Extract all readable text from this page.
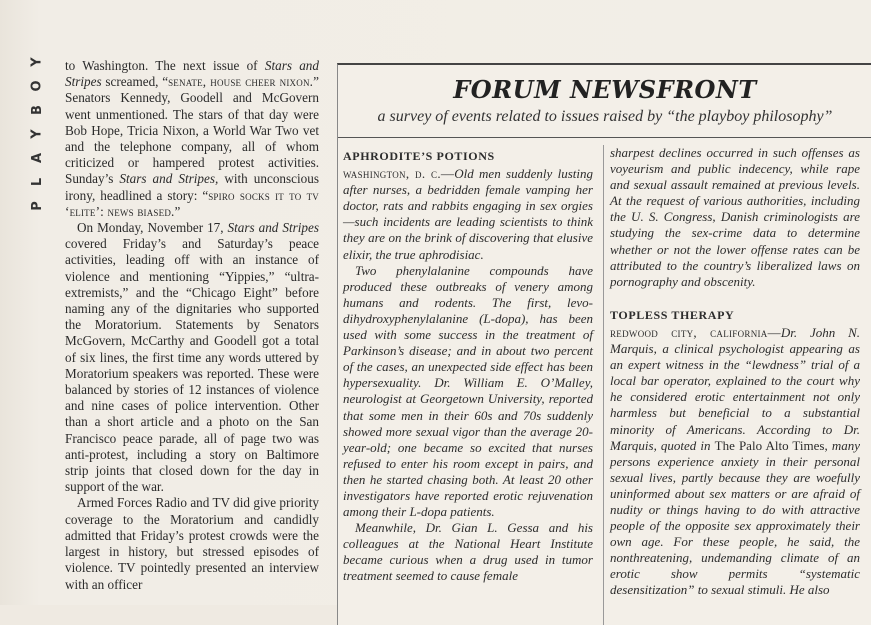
Y
O
B
Y
A
L
P

to Washington. The next issue of Stars and Stripes screamed, “senate, house cheer nixon.” Senators Kennedy, Goodell and McGovern went unmentioned. The stars of that day were Bob Hope, Tricia Nixon, a World War Two vet and the telephone company, all of whom criticized or hampered protest activities. Sunday’s Stars and Stripes, with unconscious irony, headlined a story: “spiro socks it to tv ‘elite’: news biased.”

On Monday, November 17, Stars and Stripes covered Friday’s and Saturday’s peace activities, leading off with an instance of violence and mentioning “Yippies,” “ultra-extremists,” and the “Chicago Eight” before naming any of the dignitaries who supported the Moratorium. Statements by Senators McGovern, McCarthy and Goodell got a total of six lines, the first time any words uttered by Moratorium speakers was reported. These were balanced by stories of 12 instances of violence and nine cases of police intervention. Other than a short article and a photo on the San Francisco peace parade, all of page two was anti-protest, including a story on Baltimore strip joints that closed down for the day in support of the war.

Armed Forces Radio and TV did give priority coverage to the Moratorium and candidly admitted that Friday’s protest crowds were the largest in history, but stressed episodes of violence. TV pointedly presented an interview with an officer

FORUM NEWSFRONT
a survey of events related to issues raised by “the playboy philosophy”
APHRODITE’S POTIONS

washington, d. c.—Old men suddenly lusting after nurses, a bedridden female vamping her doctor, rats and rabbits engaging in sex orgies—such incidents are leading scientists to think they are on the brink of discovering that elusive elixir, the true aphrodisiac.

Two phenylalanine compounds have produced these outbreaks of venery among humans and rodents. The first, levo-dihydroxyphenylalanine (L-dopa), has been used with some success in the treatment of Parkinson’s disease; and in about two percent of the cases, an unexpected side effect has been hypersexuality. Dr. William E. O’Malley, neurologist at Georgetown University, reported that some men in their 60s and 70s suddenly showed more sexual vigor than the average 20-year-old; one became so excited that nurses refused to enter his room except in pairs, and then he started chasing both. At least 20 other investigators have reported erotic rejuvenation among their L-dopa patients.

Meanwhile, Dr. Gian L. Gessa and his colleagues at the National Heart Institute became curious when a drug used in tumor treatment seemed to cause female

sharpest declines occurred in such offenses as voyeurism and public indecency, while rape and sexual assault remained at previous levels. At the request of various authorities, including the U. S. Congress, Danish criminologists are studying the sex-crime data to determine whether or not the lower offense rates can be attributed to the country’s liberalized laws on pornography and obscenity.

TOPLESS THERAPY

redwood city, california—Dr. John N. Marquis, a clinical psychologist appearing as an expert witness in the “lewdness” trial of a local bar operator, explained to the court why he considered erotic entertainment not only harmless but beneficial to a substantial minority of Americans. According to Dr. Marquis, quoted in The Palo Alto Times, many persons experience anxiety in their personal sexual lives, partly because they are woefully uninformed about sex matters or are afraid of nudity or things having to do with attractive people of the opposite sex approximately their own age. For these people, he said, the nonthreatening, undemanding climate of an erotic show permits “systematic desensitization” to sexual stimuli. He also
